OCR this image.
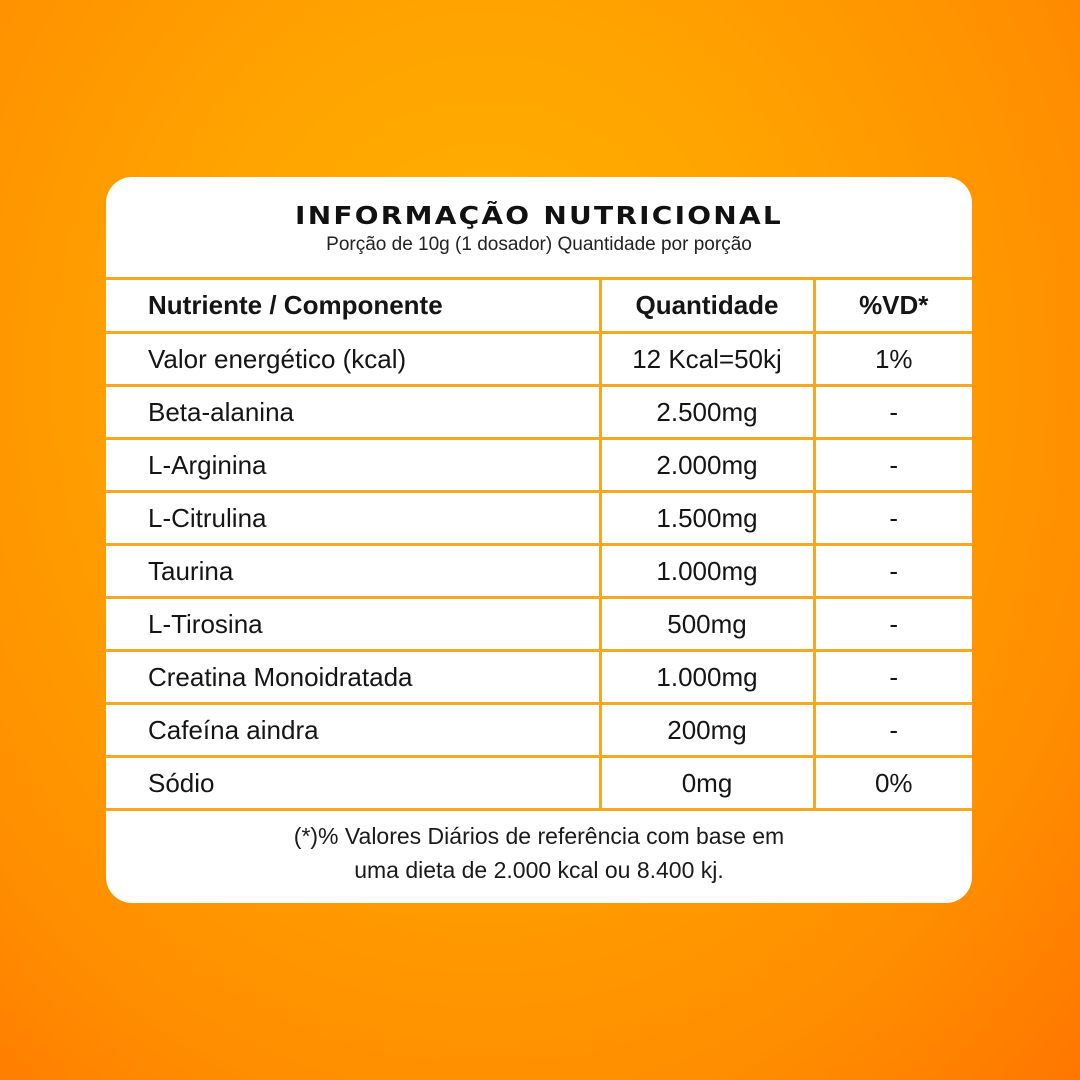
INFORMAÇÃO NUTRICIONAL
Porção de 10g (1 dosador) Quantidade por porção
Nutriente / Componente	Quantidade	%VD*
Valor energético (kcal)	12 Kcal=50kj	1%
Beta-alanina	2.500mg	-
L-Arginina	2.000mg	-
L-Citrulina	1.500mg	-
Taurina	1.000mg	-
L-Tirosina	500mg	-
Creatina Monoidratada	1.000mg	-
Cafeína aindra	200mg	-
Sódio	0mg	0%
(*)% Valores Diários de referência com base em
uma dieta de 2.000 kcal ou 8.400 kj.
